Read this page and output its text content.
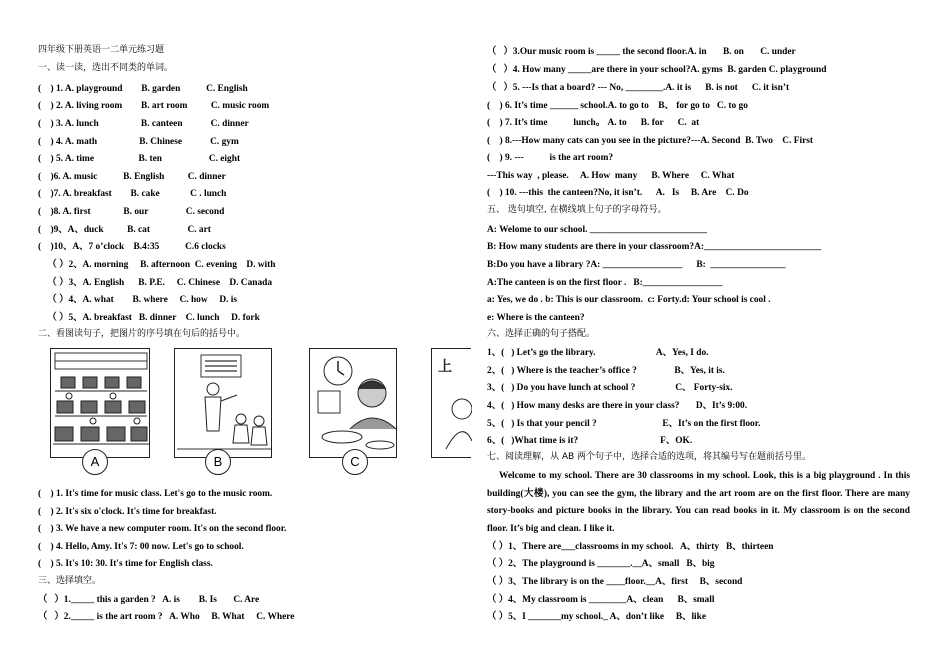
四年级下册英语一二单元练习题
一、读一读，选出不同类的单词。
(    ) 1. A. playground        B. garden           C. English
(    ) 2. A. living room        B. art room          C. music room
(    ) 3. A. lunch                  B. canteen            C. dinner
(    ) 4. A. math                  B. Chinese            C. gym
(    ) 5. A. time                   B. ten                    C. eight
(    )6. A. music           B. English          C. dinner
(    )7. A. breakfast        B. cake             C . lunch
(    )8. A. first              B. our                C. second
(    )9、A、duck          B. cat                C. art
(    )10、A、7 o’clock    B.4:35           C.6 clocks
（ ）2、A. morning     B. afternoon  C. evening    D. with
（ ）3、A. English      B. P.E.     C. Chinese    D. Canada
（ ）4、A. what        B. where     C. how     D. is
（ ）5、A. breakfast   B. dinner    C. lunch     D. fork
二、看图读句子，把图片的序号填在句后的括号中。
A	B	C
上
(    ) 1. It's time for music class. Let's go to the music room.
(    ) 2. It's six o'clock. It's time for breakfast.
(    ) 3. We have a new computer room. It's on the second floor.
(    ) 4. Hello, Amy. It's 7: 00 now. Let's go to school.
(    ) 5. It's 10: 30. It's time for English class.
三、选择填空。
（   ）1._____ this a garden ?   A. is        B. Is       C. Are
（   ）2._____ is the art room ?   A. Who     B. What     C. Where
（   ）3.Our music room is _____ the second floor.A. in       B. on       C. under
（   ）4. How many _____are there in your school?A. gyms  B. garden C. playground
（   ）5. ---Is that a board? --- No, ________.A. it is      B. is not      C. it isn’t
(    ) 6. It’s time ______ school.A. to go to    B、 for go to   C. to go
(    ) 7. It’s time           lunch。 A. to      B. for      C.  at
(    ) 8.---How many cats can you see in the picture?---A. Second  B. Two    C. First
(    ) 9. ---           is the art room?
---This way  , please.     A. How  many      B. Where     C. What
(    ) 10. ---this  the canteen?No, it isn’t.      A.   Is     B. Are    C. Do
五、 选句填空, 在横线填上句子的字母符号。
A: Welome to our school. _________________________
B: How many students are there in your classroom?A:_________________________
B:Do you have a library ?A: _________________      B:  ________________
A:The canteen is on the first floor .   B:_________________
a: Yes, we do . b: This is our classroom.  c: Forty.d: Your school is cool .
e: Where is the canteen?
六、选择正确的句子搭配。
1、(   ) Let’s go the library.                          A、Yes, I do.
2、(   ) Where is the teacher’s office ?                B、Yes, it is.
3、(   ) Do you have lunch at school ?                 C、 Forty-six.
4、(   ) How many desks are there in your class?       D、It’s 9:00.
5、(   ) Is that your pencil ?                            E、It’s on the first floor.
6、(   )What time is it?                                   F、OK.
七、阅读理解，从 AB 两个句子中，选择合适的选项，将其编号写在题前括号里。
Welcome to my school. There are 30 classrooms in my school. Look, this is a big playground . In this building(大楼), you can see the gym, the library and the art room are on the first floor. There are many story-books and picture books in the library. You can read books in it. My classroom is on the second floor. It’s big and clean. I like it.
（ ）1、There are___classrooms in my school.   A、thirty   B、thirteen
（ ）2、The playground is _______.__A、small   B、big
（ ）3、The library is on the ____floor.__A、first     B、second
（ ）4、My classroom is ________A、clean      B、small
（ ）5、I _______my school._ A、don’t like     B、like
